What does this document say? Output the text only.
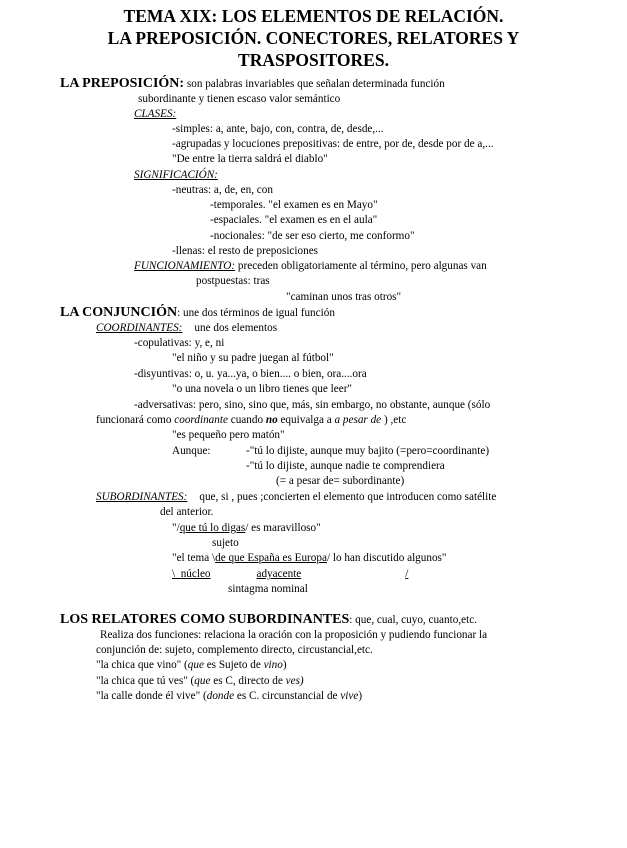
TEMA XIX: LOS ELEMENTOS DE RELACIÓN.
LA PREPOSICIÓN. CONECTORES, RELATORES Y
TRASPOSITORES.
LA PREPOSICIÓN: son palabras invariables que señalan determinada función
subordinante y tienen escaso valor semántico
CLASES:
-simples: a, ante, bajo, con, contra, de, desde,...
-agrupadas y locuciones prepositivas: de entre, por de, desde por de a,...
"De entre la tierra saldrá el diablo"
SIGNIFICACIÓN:
-neutras: a, de, en, con
-temporales. "el examen es en Mayo"
-espaciales. "el examen es en el aula"
-nocionales: "de ser eso cierto, me conformo"
-llenas: el resto de preposiciones
FUNCIONAMIENTO: preceden obligatoriamente al término, pero algunas van
postpuestas: tras
"caminan unos tras otros"
LA CONJUNCIÓN: une dos términos de igual función
COORDINANTES: une dos elementos
-copulativas: y, e, ni
"el niño y su padre juegan al fútbol"
-disyuntivas: o, u. ya...ya, o bien.... o bien, ora....ora
"o una novela o un libro tienes que leer"
-adversativas: pero, sino, sino que, más, sin embargo, no obstante, aunque (sólo
funcionará como coordinante cuando no equivalga a a pesar de ) ,etc
"es pequeño pero matón"
Aunque:	-"tú lo dijiste, aunque muy bajito (=pero=coordinante)
-"tú lo dijiste, aunque nadie te comprendiera
(= a pesar de= subordinante)
SUBORDINANTES: que, si , pues ;concierten el elemento que introducen como satélite
del anterior.
"/que tú lo digas/ es maravilloso"
sujeto
"el tema \de que España es Europa/ lo han discutido algunos"
\_núcleo	adyacente	/
sintagma nominal
LOS RELATORES COMO SUBORDINANTES: que, cual, cuyo, cuanto,etc.
Realiza dos funciones: relaciona la oración con la proposición y pudiendo funcionar la
conjunción de: sujeto, complemento directo, circustancial,etc.
"la chica que vino" (que es Sujeto de vino)
"la chica que tú ves" (que es C, directo de ves)
"la calle donde él vive" (donde es C. circunstancial de vive)
